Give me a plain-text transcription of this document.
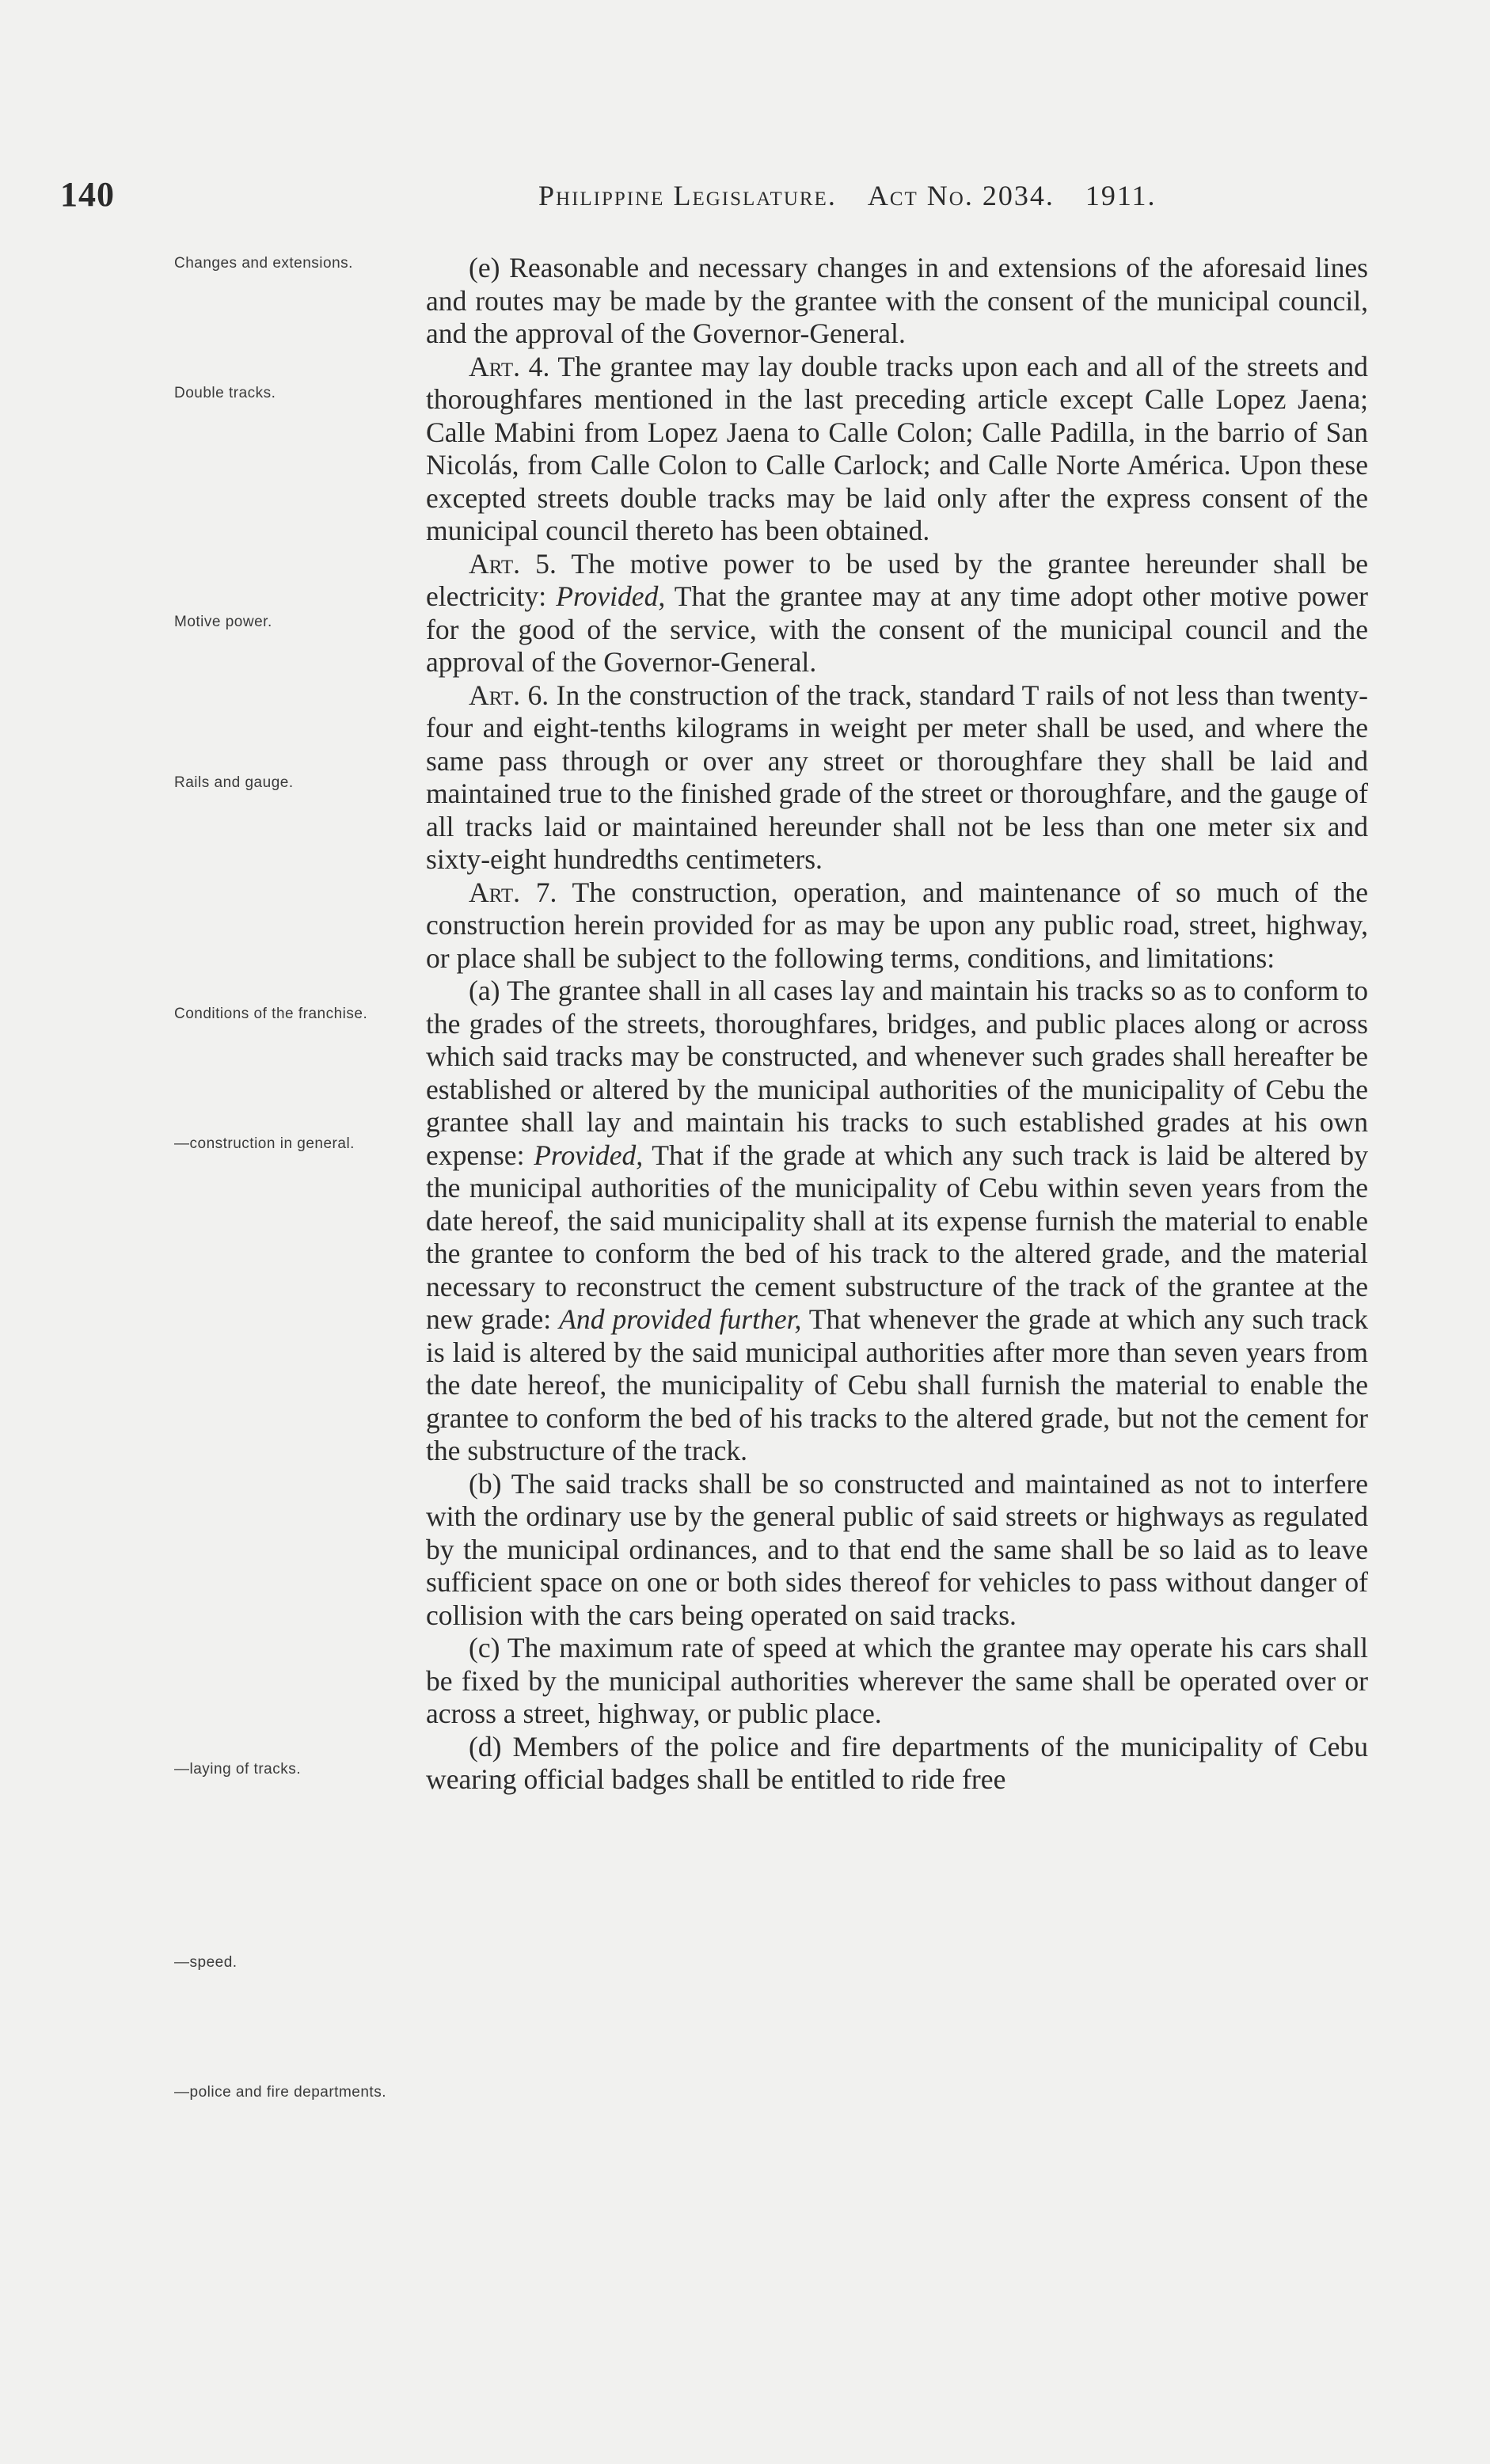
140	Philippine Legislature. Act No. 2034. 1911.
Changes and extensions.
Double tracks.
Motive power.
Rails and gauge.
Conditions of the franchise.
—construction in general.
—laying of tracks.
—speed.
—police and fire departments.

(e) Reasonable and necessary changes in and extensions of the aforesaid lines and routes may be made by the grantee with the consent of the municipal council, and the approval of the Governor-General.

Art. 4. The grantee may lay double tracks upon each and all of the streets and thoroughfares mentioned in the last preceding article except Calle Lopez Jaena; Calle Mabini from Lopez Jaena to Calle Colon; Calle Padilla, in the barrio of San Nicolás, from Calle Colon to Calle Carlock; and Calle Norte América. Upon these excepted streets double tracks may be laid only after the express consent of the municipal council thereto has been obtained.

Art. 5. The motive power to be used by the grantee hereunder shall be electricity: Provided, That the grantee may at any time adopt other motive power for the good of the service, with the consent of the municipal council and the approval of the Governor-General.

Art. 6. In the construction of the track, standard T rails of not less than twenty-four and eight-tenths kilograms in weight per meter shall be used, and where the same pass through or over any street or thoroughfare they shall be laid and maintained true to the finished grade of the street or thoroughfare, and the gauge of all tracks laid or maintained hereunder shall not be less than one meter six and sixty-eight hundredths centimeters.

Art. 7. The construction, operation, and maintenance of so much of the construction herein provided for as may be upon any public road, street, highway, or place shall be subject to the following terms, conditions, and limitations:

(a) The grantee shall in all cases lay and maintain his tracks so as to conform to the grades of the streets, thoroughfares, bridges, and public places along or across which said tracks may be constructed, and whenever such grades shall hereafter be established or altered by the municipal authorities of the municipality of Cebu the grantee shall lay and maintain his tracks to such established grades at his own expense: Provided, That if the grade at which any such track is laid be altered by the municipal authorities of the municipality of Cebu within seven years from the date hereof, the said municipality shall at its expense furnish the material to enable the grantee to conform the bed of his track to the altered grade, and the material necessary to reconstruct the cement substructure of the track of the grantee at the new grade: And provided further, That whenever the grade at which any such track is laid is altered by the said municipal authorities after more than seven years from the date hereof, the municipality of Cebu shall furnish the material to enable the grantee to conform the bed of his tracks to the altered grade, but not the cement for the substructure of the track.

(b) The said tracks shall be so constructed and maintained as not to interfere with the ordinary use by the general public of said streets or highways as regulated by the municipal ordinances, and to that end the same shall be so laid as to leave sufficient space on one or both sides thereof for vehicles to pass without danger of collision with the cars being operated on said tracks.

(c) The maximum rate of speed at which the grantee may operate his cars shall be fixed by the municipal authorities wherever the same shall be operated over or across a street, highway, or public place.

(d) Members of the police and fire departments of the municipality of Cebu wearing official badges shall be entitled to ride free
